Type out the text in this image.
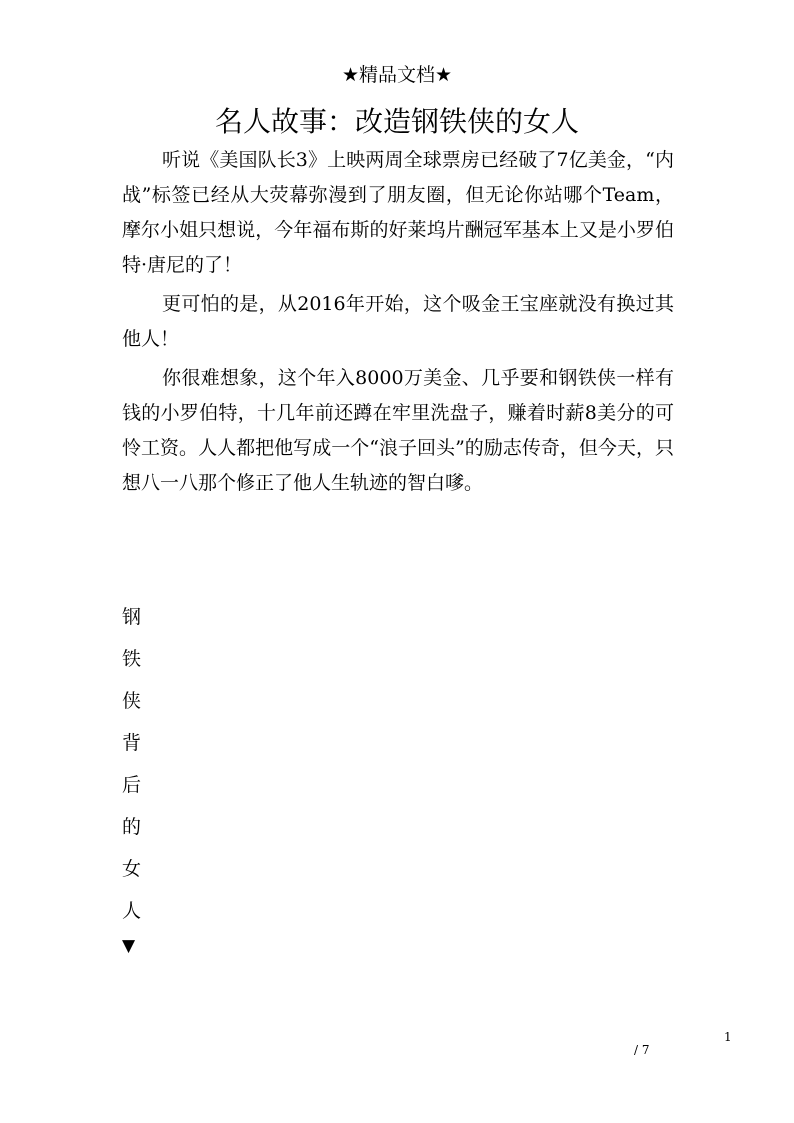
★精品文档★
名人故事：改造钢铁侠的女人

听说《美国队长3》上映两周全球票房已经破了7亿美金，“内战”标签已经从大荧幕弥漫到了朋友圈，但无论你站哪个Team，摩尔小姐只想说，今年福布斯的好莱坞片酬冠军基本上又是小罗伯特·唐尼的了！

更可怕的是，从2016年开始，这个吸金王宝座就没有换过其他人！

你很难想象，这个年入8000万美金、几乎要和钢铁侠一样有钱的小罗伯特，十几年前还蹲在牢里洗盘子，赚着时薪8美分的可怜工资。人人都把他写成一个“浪子回头”的励志传奇，但今天，只想八一八那个修正了他人生轨迹的智白嗲。

钢
铁
侠
背
后
的
女
人
▼
1
/ 7
